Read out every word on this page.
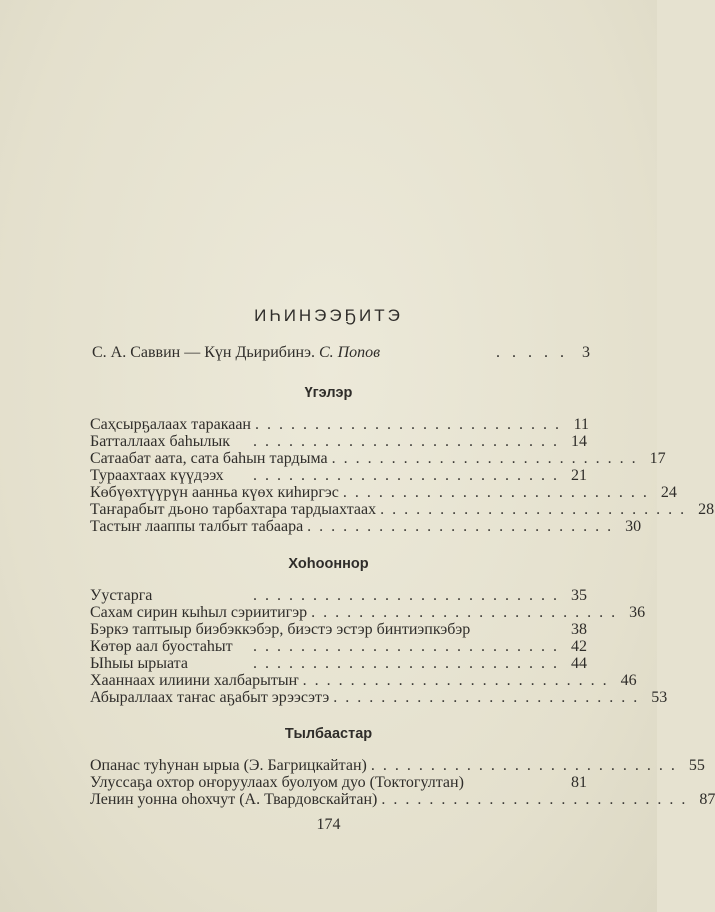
ИҺИНЭЭҔИТЭ
С. А. Саввин — Күн Дьирибинэ. С. Попов	..... 3
Үгэлэр
Саҳсырҕалаах таракаан .......................... 11
Батталлаах баһылык	.......................... 14
Сатаабат аата, сата баһын тардыма .......................... 17
Тураахтаах күүдээх	.......................... 21
Көбүөхтүүрүн аанньа күөх киһиргэс .......................... 24
Таҥарабыт дьоно тарбахтара тардыахтаах .......................... 28
Тастыҥ лааппы талбыт табаара .......................... 30
Хоһооннор
Уустарга	.......................... 35
Сахам сирин кыһыл сэриитигэр .......................... 36
Бэркэ таптыыр биэбэккэбэр, биэстэ эстэр бинтиэпкэбэр	38
Көтөр аал буостаһыт	.......................... 42
Ыһыы ырыата	.......................... 44
Хааннаах илиини халбарытыҥ .......................... 46
Абыраллаах таҥас аҕабыт эрээсэтэ .......................... 53
Тылбаастар
Опанас туһунан ырыа (Э. Багрицкайтан) .......................... 55
Улуссаҕа охтор оҥоруулаах буолуом дуо (Токтогултан)	81
Ленин уонна оһохчут (А. Твардовскайтан) .......................... 87
174
